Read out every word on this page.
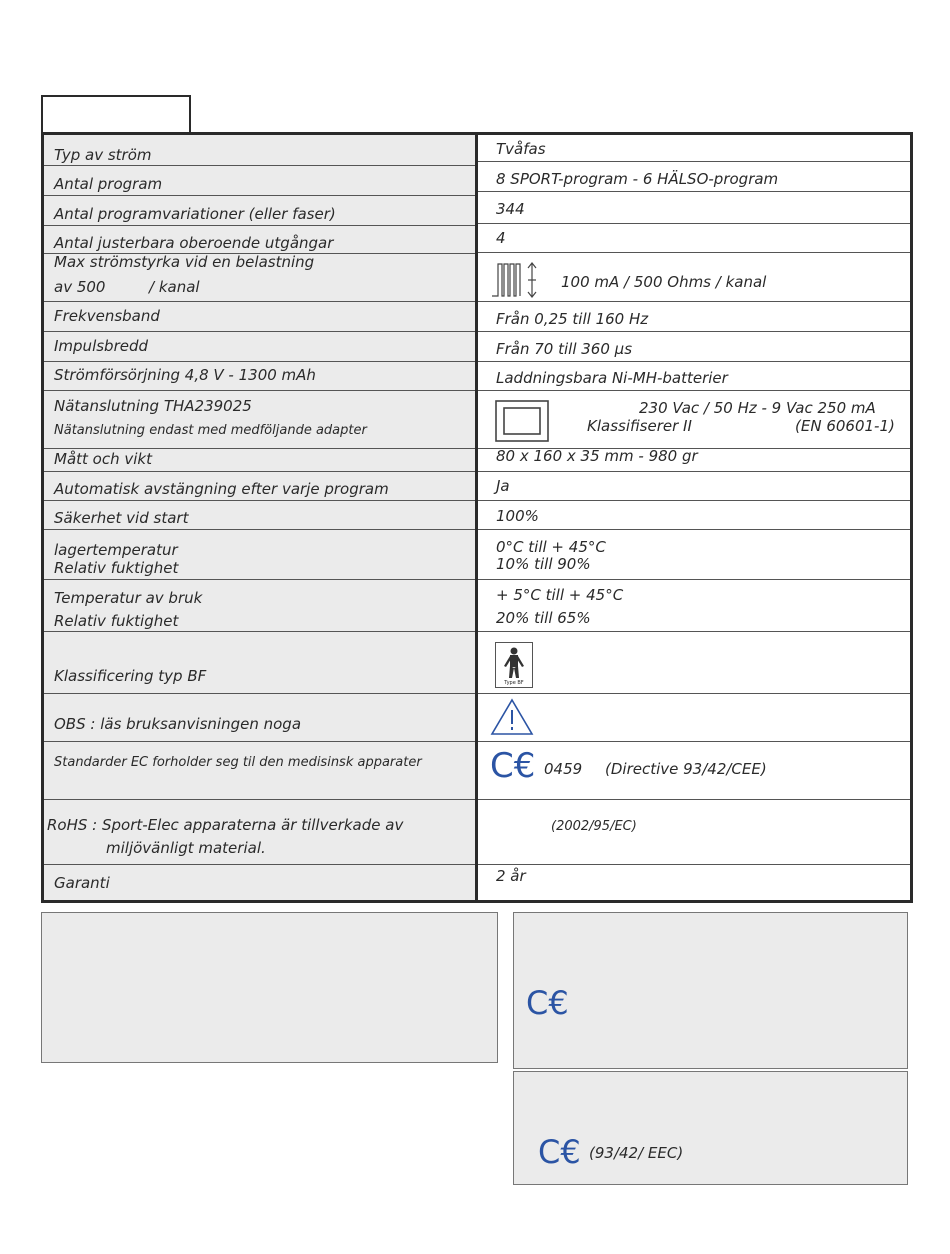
Typ av ström
Antal program
Antal programvariationer (eller faser)
Antal justerbara oberoende utgångar
Max strömstyrka vid en belastning
av 500	/ kanal
Frekvensband
Impulsbredd
Strömförsörjning 4,8 V - 1300 mAh
Nätanslutning THA239025
Nätanslutning endast med medföljande adapter
Mått och vikt
Automatisk avstängning efter varje program
Säkerhet vid start
lagertemperatur
Relativ fuktighet
Temperatur av bruk
Relativ fuktighet
Klassificering typ BF
OBS : läs bruksanvisningen noga
Standarder EC forholder seg til den medisinsk apparater
RoHS : Sport-Elec apparaterna är tillverkade av
miljövänligt material.
Garanti
Tvåfas
8 SPORT-program - 6 HÄLSO-program
344
4
100 mA / 500 Ohms / kanal
Från 0,25 till 160 Hz
Från 70 till 360 µs
Laddningsbara Ni-MH-batterier
230 Vac / 50 Hz - 9 Vac 250 mA
Klassifiserer II	(EN 60601-1)
80 x 160 x 35 mm - 980 gr
Ja
100%
0°C till + 45°C
10% till 90%
+ 5°C till + 45°C
20% till 65%
Type BF
C€ 0459 (Directive 93/42/CEE)
(2002/95/EC)
2 år
C€
C€ (93/42/ EEC)
